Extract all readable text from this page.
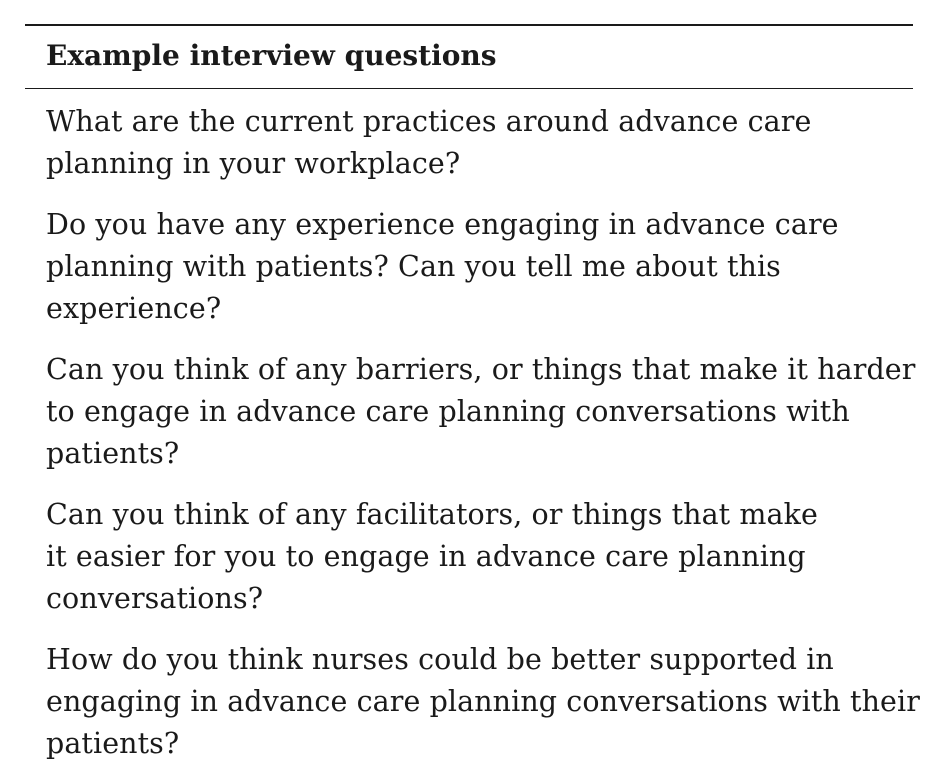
Example interview questions
What are the current practices around advance care
planning in your workplace?
Do you have any experience engaging in advance care
planning with patients? Can you tell me about this
experience?
Can you think of any barriers, or things that make it harder
to engage in advance care planning conversations with
patients?
Can you think of any facilitators, or things that make
it easier for you to engage in advance care planning
conversations?
How do you think nurses could be better supported in
engaging in advance care planning conversations with their
patients?
